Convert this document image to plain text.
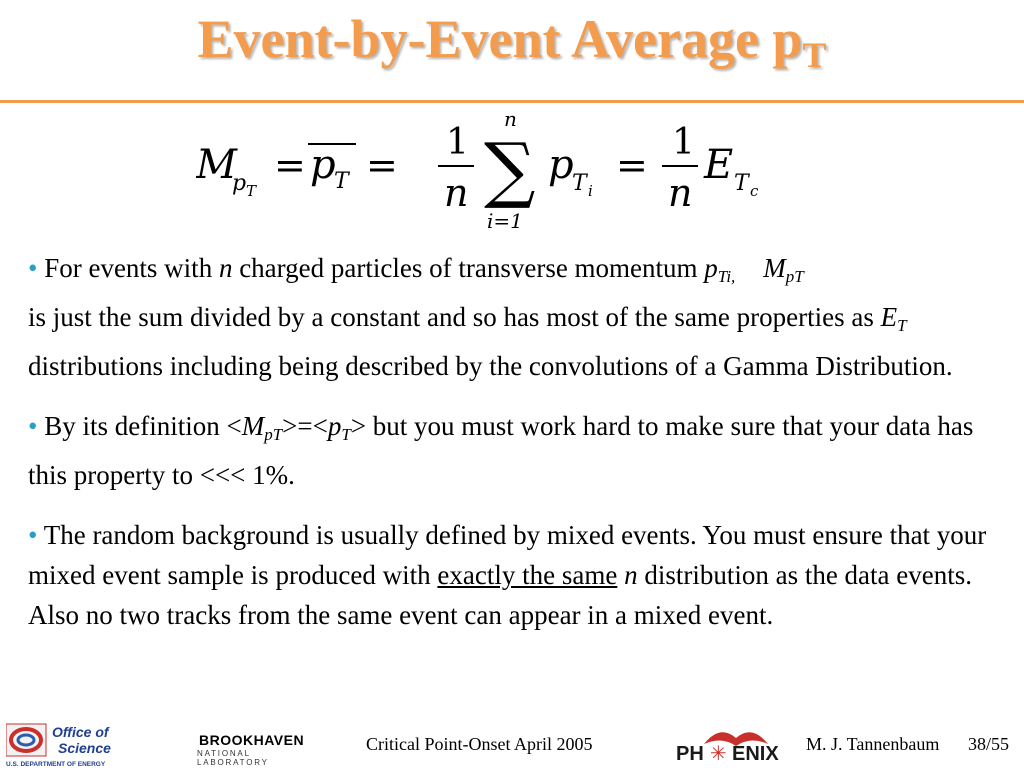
Event-by-Event Average $p_T$
M
p T
= p
T =
1
n
n
∑
i=1
p
T i
=
1
n
E T c
• For events with n charged particles of transverse momentum $p_{Ti,}$ $M_{pT}$
is just the sum divided by a constant and so has most of the same properties as $E_T$ distributions including being described by the convolutions of a Gamma Distribution.
• By its definition $<M_{pT}>=<p_T>$ but you must work hard to make sure that your data has this property to <<< 1%.
• The random background is usually defined by mixed events. You must ensure that your mixed event sample is produced with exactly the same n distribution as the data events. Also no two tracks from the same event can appear in a mixed event.
Office of
Science
U.S. DEPARTMENT OF ENERGY
BROOKHAVEN
NATIONAL LABORATORY
Critical Point-Onset April 2005	PH ✳ ENIX M. J. Tannenbaum 38/55
